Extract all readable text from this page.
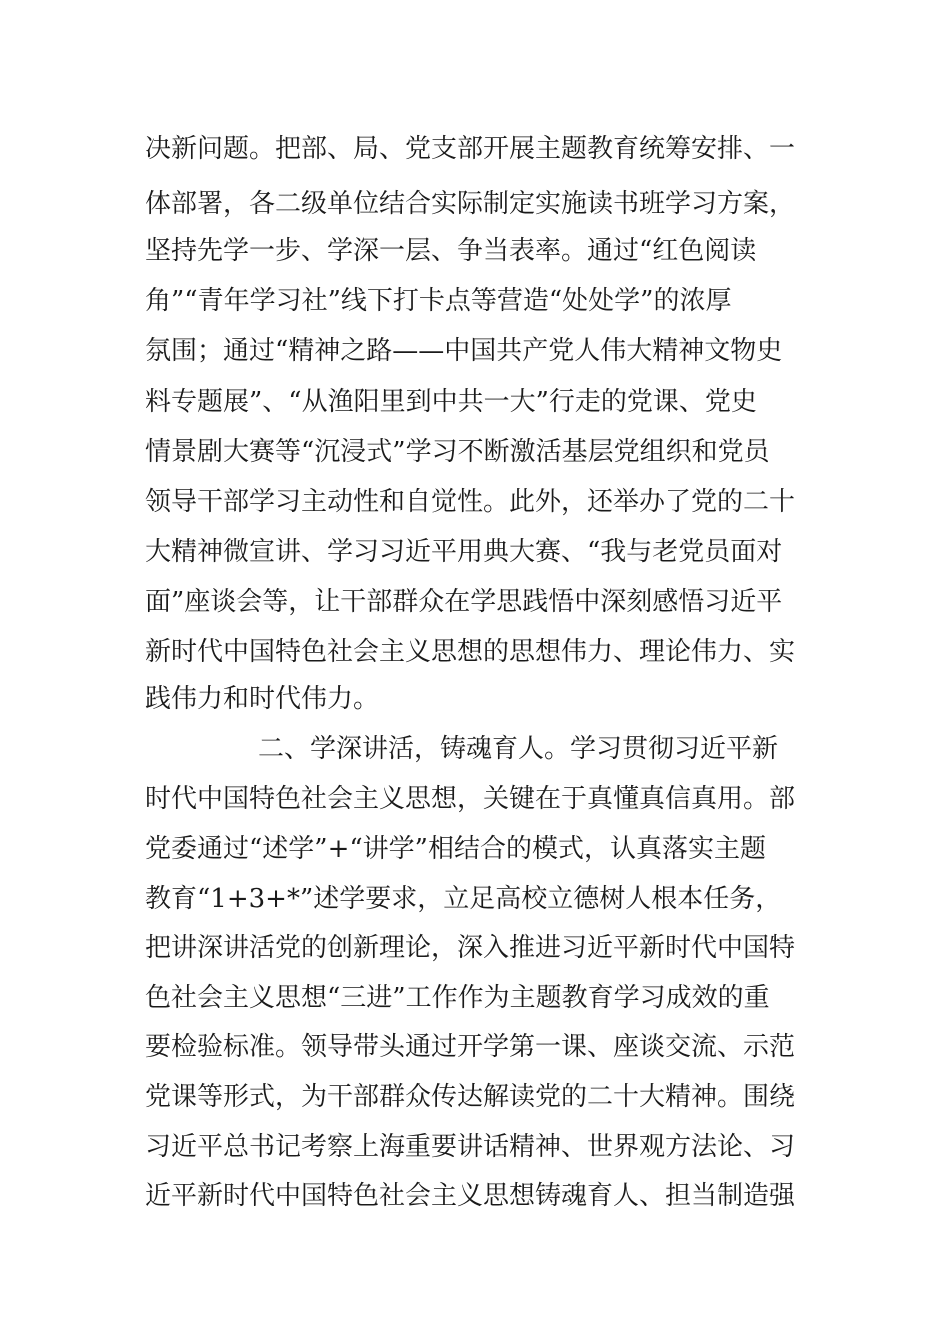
决新问题。把部、局、党支部开展主题教育统筹安排、一
体部署，各二级单位结合实际制定实施读书班学习方案，
坚持先学一步、学深一层、争当表率。通过“红色阅读
角”“青年学习社”线下打卡点等营造“处处学”的浓厚
氛围；通过“精神之路——中国共产党人伟大精神文物史
料专题展”、“从渔阳里到中共一大”行走的党课、党史
情景剧大赛等“沉浸式”学习不断激活基层党组织和党员
领导干部学习主动性和自觉性。此外，还举办了党的二十
大精神微宣讲、学习习近平用典大赛、“我与老党员面对
面”座谈会等，让干部群众在学思践悟中深刻感悟习近平
新时代中国特色社会主义思想的思想伟力、理论伟力、实
践伟力和时代伟力。
二、学深讲活，铸魂育人。学习贯彻习近平新
时代中国特色社会主义思想，关键在于真懂真信真用。部
党委通过“述学”+“讲学”相结合的模式，认真落实主题
教育“1+3+*”述学要求，立足高校立德树人根本任务，
把讲深讲活党的创新理论，深入推进习近平新时代中国特
色社会主义思想“三进”工作作为主题教育学习成效的重
要检验标准。领导带头通过开学第一课、座谈交流、示范
党课等形式，为干部群众传达解读党的二十大精神。围绕
习近平总书记考察上海重要讲话精神、世界观方法论、习
近平新时代中国特色社会主义思想铸魂育人、担当制造强
